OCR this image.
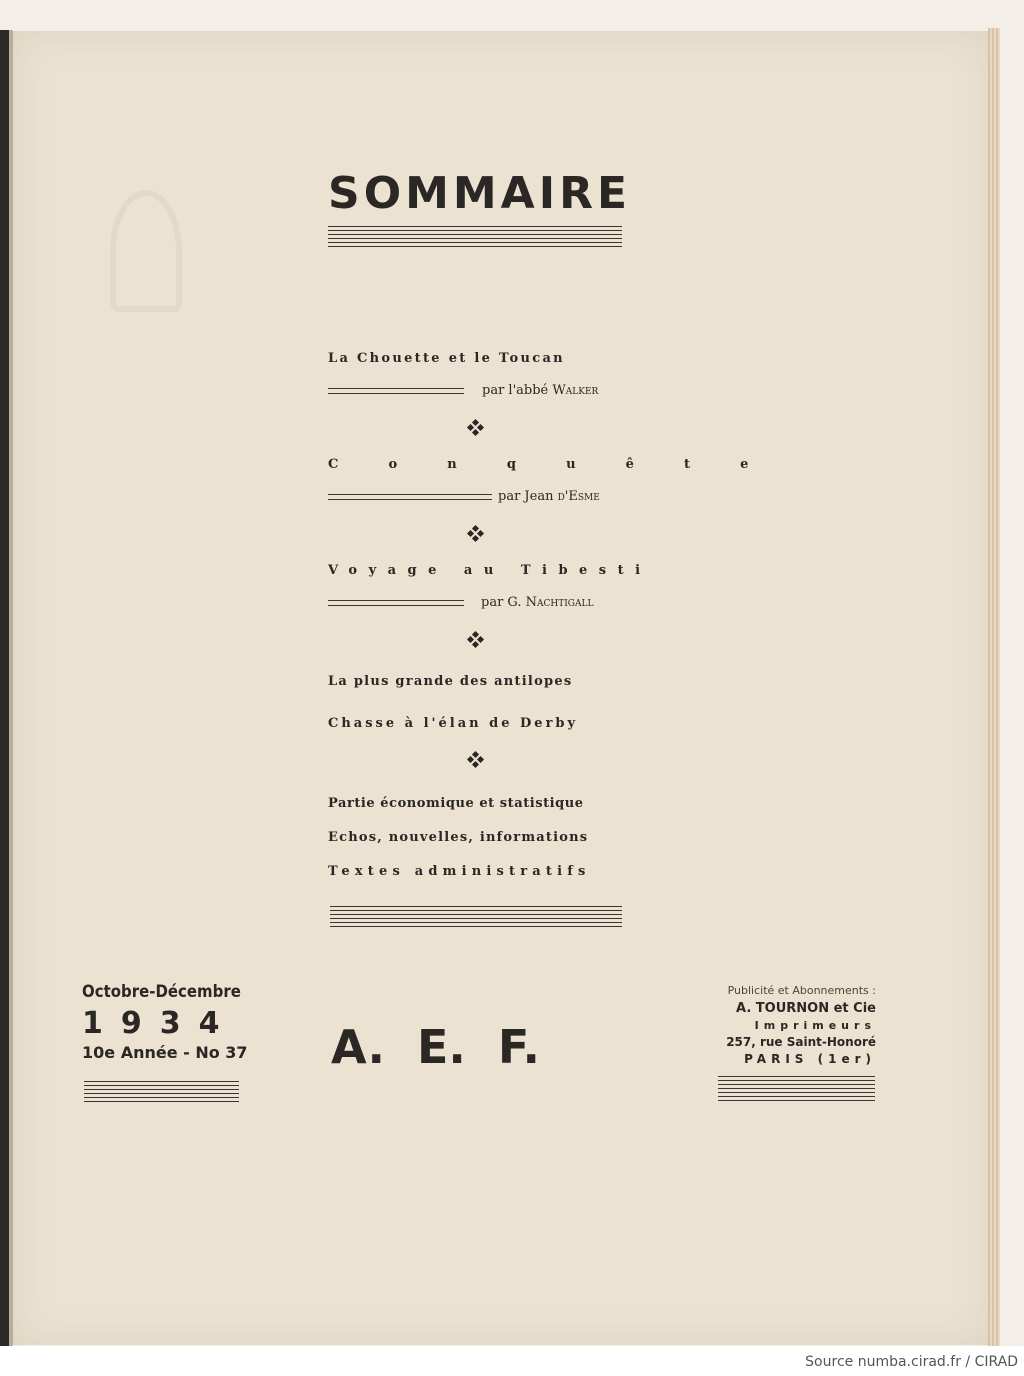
SOMMAIRE
La Chouette et le Toucan
par l'abbé Walker
C o n q u ê t e
par Jean d'Esme
Voyage au Tibesti
par G. Nachtigall
La plus grande des antilopes
Chasse à l'élan de Derby
Partie économique et statistique
Echos, nouvelles, informations
Textes administratifs
Octobre-Décembre
1934
10e Année - No 37 A.  E.  F.
Publicité et Abonnements :
A. TOURNON et Cie
Imprimeurs
257, rue Saint-Honoré
PARIS (1er)
Source numba.cirad.fr / CIRAD
